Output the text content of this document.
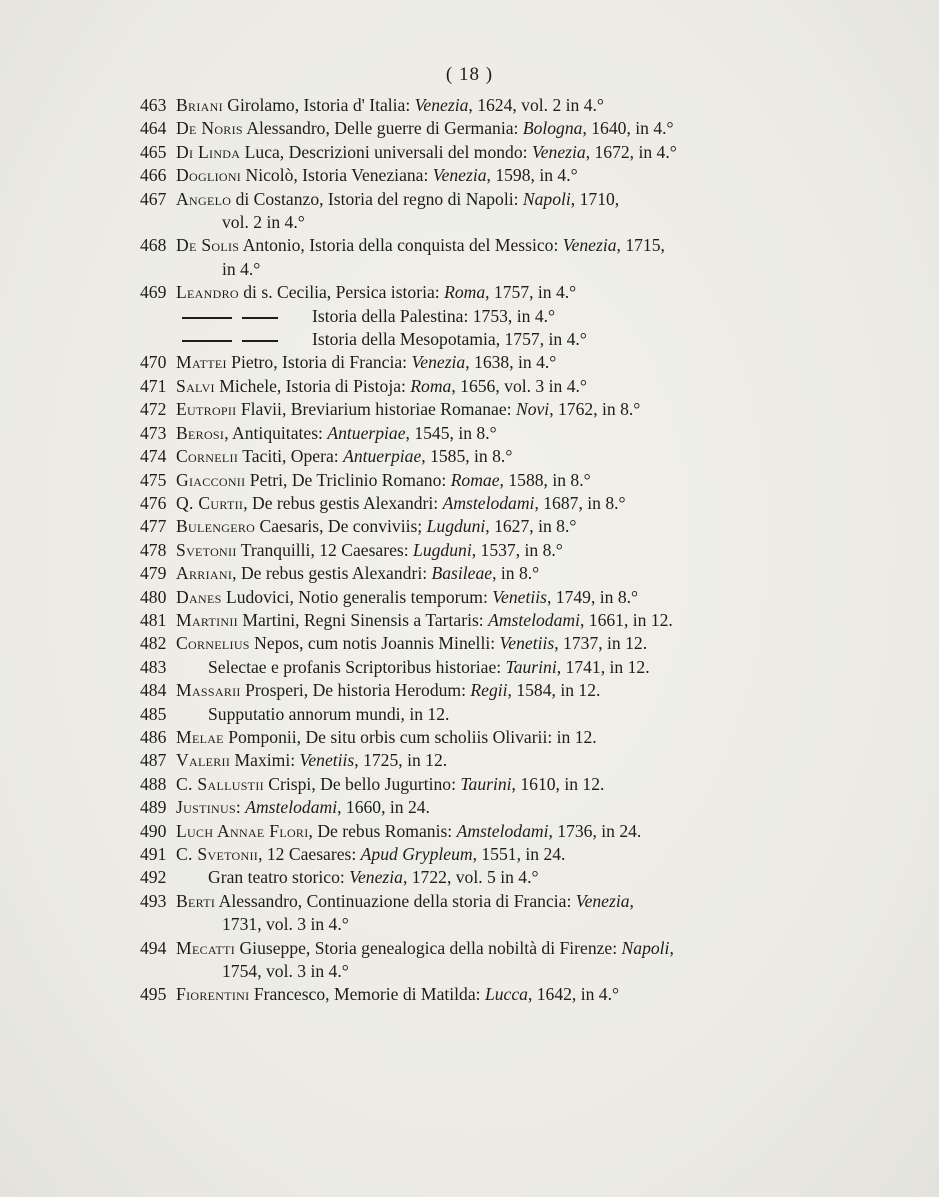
( 18 )
463 Briani Girolamo, Istoria d' Italia: Venezia, 1624, vol. 2 in 4.°
464 De Noris Alessandro, Delle guerre di Germania: Bologna, 1640, in 4.°
465 Di Linda Luca, Descrizioni universali del mondo: Venezia, 1672, in 4.°
466 Doglioni Nicolò, Istoria Veneziana: Venezia, 1598, in 4.°
467 Angelo di Costanzo, Istoria del regno di Napoli: Napoli, 1710,
vol. 2 in 4.°
468 De Solis Antonio, Istoria della conquista del Messico: Venezia, 1715,
in 4.°
469 Leandro di s. Cecilia, Persica istoria: Roma, 1757, in 4.°
Istoria della Palestina: 1753, in 4.°
Istoria della Mesopotamia, 1757, in 4.°
470 Mattei Pietro, Istoria di Francia: Venezia, 1638, in 4.°
471 Salvi Michele, Istoria di Pistoja: Roma, 1656, vol. 3 in 4.°
472 Eutropii Flavii, Breviarium historiae Romanae: Novi, 1762, in 8.°
473 Berosi, Antiquitates: Antuerpiae, 1545, in 8.°
474 Cornelii Taciti, Opera: Antuerpiae, 1585, in 8.°
475 Giacconii Petri, De Triclinio Romano: Romae, 1588, in 8.°
476 Q. Curtii, De rebus gestis Alexandri: Amstelodami, 1687, in 8.°
477 Bulengero Caesaris, De conviviis; Lugduni, 1627, in 8.°
478 Svetonii Tranquilli, 12 Caesares: Lugduni, 1537, in 8.°
479 Arriani, De rebus gestis Alexandri: Basileae, in 8.°
480 Danes Ludovici, Notio generalis temporum: Venetiis, 1749, in 8.°
481 Martinii Martini, Regni Sinensis a Tartaris: Amstelodami, 1661, in 12.
482 Cornelius Nepos, cum notis Joannis Minelli: Venetiis, 1737, in 12.
483	Selectae e profanis Scriptoribus historiae: Taurini, 1741, in 12.
484 Massarii Prosperi, De historia Herodum: Regii, 1584, in 12.
485	Supputatio annorum mundi, in 12.
486 Melae Pomponii, De situ orbis cum scholiis Olivarii: in 12.
487 Valerii Maximi: Venetiis, 1725, in 12.
488 C. Sallustii Crispi, De bello Jugurtino: Taurini, 1610, in 12.
489 Justinus: Amstelodami, 1660, in 24.
490 Luch Annae Flori, De rebus Romanis: Amstelodami, 1736, in 24.
491 C. Svetonii, 12 Caesares: Apud Grypleum, 1551, in 24.
492	Gran teatro storico: Venezia, 1722, vol. 5 in 4.°
493 Berti Alessandro, Continuazione della storia di Francia: Venezia,
1731, vol. 3 in 4.°
494 Mecatti Giuseppe, Storia genealogica della nobiltà di Firenze: Napoli,
1754, vol. 3 in 4.°
495 Fiorentini Francesco, Memorie di Matilda: Lucca, 1642, in 4.°
